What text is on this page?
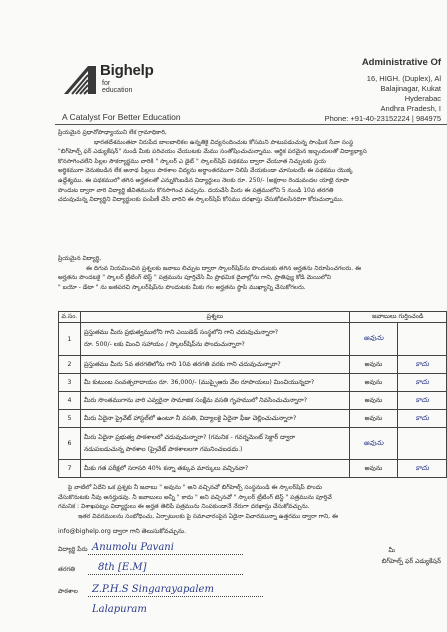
Bighelp
for education
A Catalyst For Better Education
Administrative Of
16, HIGH. (Duplex), Al
Balajinagar, Kukat
Hyderabac
Andhra Pradesh, I
Phone: +91-40-23152224 | 984975
ప్రియమైన ప్రధానోపాధ్యాయుని లేక గ్రామాధికారి,
భారతదేశమంతటా నిరుపేద బాలబాలికల ఉన్నతికై విద్యనందించుట కోసమని పాటుపడుచున్న సాంఘిక సేవా సంస్థ
"బిగ్‌హెల్ప్ ఫర్ ఎడ్యుకేషన్" నుండి మీకు పరిచయం చేయుటకు మేము సంతోషించుచున్నాము. ఆర్థిక పరమైన ఇబ్బందులతో విద్యాభ్యాస
కొనసాగించలేని పిల్లల సౌకర్యార్థము వారికి " స్కాలర్ ఎ డైట్ " స్కాలర్‌షిప్ పథకము ద్వారా చేయూత నిచ్చుటకు ప్రయ
అర్థికముగా వెనుకబడిన లేక అనాథ పిల్లలు పాఠశాల విద్యను అర్థాంతరముగా నిలిపి వేయకుండా చూసుటయే ఈ పథకము యొక్క
ఉద్దేశ్యము. ఈ పథకములో తగిన అర్హతలతో ఎన్నుకొంబడిన విద్యార్థులు నెలకు రూ. 250/- (అక్షరాల రెండువందల యాభై రూపా
పొందుట ద్వారా వారి విద్యార్థి జీవితమును కొనసాగించ వచ్చును. దయచేసి మీరు ఈ పత్రములోని 5 నుండి 10వ తరగతి
చదువుచున్న విద్యార్థిని విద్యార్థులకు పంపిణీ చేసి వారిని ఈ స్కాలర్‌షిప్ కోసము దరఖాస్తు చేసుకోవలసినదిగా కోరుచున్నాము.
ప్రియమైన విద్యార్థి,
ఈ దిగువ నియమించిన ప్రశ్నలకు జవాబు లిచ్చుట ద్వారా స్కాలర్‌షిప్‌ను పొందుటకు తగిన అర్హతను నిరూపించగలరు. ఈ
అర్హతను పొందటకై " స్కాలర్ ట్రీటింగ్ టెస్ట్ " పత్రమును పూర్తిచేసి మీ ప్రాథమిక దైవాల్లోను గాని, ప్రాతిఫ్యు కోడి మెయిలోని
" బయో - డేటా " ను జతపరచి స్కాలర్‌షిప్‌ను పొందుటకు మీకు గల అర్హతను స్థాపి ముఖ్యాన్ని చేసుకోగలరు.
వ.సం.	ప్రశ్నలు	జవాబులు గుర్తించండి	
1	ప్రస్తుతము మీరు ప్రభుత్వములోని గాని ఎయిడెడ్ సంస్థలోని గాని చదువుచున్నారా?
రూ. 500/- లకు మించి సహాయం / స్కాలర్‌షిప్‌ను పొందుచున్నారా?	అవును	
2	ప్రస్తుతము మీరు 5వ తరగతిలోను గాని 10వ తరగతి వరకు గాని చదువుచున్నారా?	అవును	కాదు
3	మీ కుటుంబ సంవత్సరాదాయం రూ. 36,000/- (ముప్పైఆరు వేల రూపాయలు) మించియున్నదా?	అవును	కాదు
4	మీరు సొంతముగాను వారి ఎవ్వరైనా సామాజిక సంక్షేమ వసతి గృహములో నివసించుచున్నారా?	అవును	కాదు
5	మీరు ఏదైనా ప్రైవేట్ హాస్టల్‌లో ఉంటూ నీ వసతి, విద్యాలకై ఏదైనా ఫీజు చెల్లించుచున్నారా?	అవును	కాదు
6	మీరు ఏదైనా ప్రభుత్వ పాఠశాలలో చదువుచున్నారా? (గమనిక - గవర్నమెంట్ సెక్టార్ ద్వారా
నడుపబడుచున్న పాఠశాల (ప్రైవేట్ పాఠశాలలగా గమనించబడదు.)	అవును	
7	మీకు గత పరీక్షలో సరాసరి 40% కన్నా తక్కువ మార్కులు వచ్చినవా?	అవును	కాదు
పై వాటిలో ఏదేని ఒక ప్రశ్నకు నీ జవాబు " అవును " అని వచ్చినచో బిగ్‌హెల్ప్ సంస్థనుండి ఈ స్కాలర్‌షిప్ పొందు
చేసుకొనుటకు నీవు అనర్హుడవు. నీ జవాబులు అన్నీ " కాదు " అని వచ్చినచో " స్కాలర్ ట్రీటింగ్ టెస్ట్ " పత్రమును పూర్తిచే
గమనిక : విశాఖపట్నం విద్యార్థులు ఈ అర్హత తెలిపే పత్రమును నింపకుండానే నేరుగా దరఖాస్తు చేసుకోవచ్చును.
ఇతర వివరములను సంబోధించు, ఏర్పాటులకు పై సమాచారంపైన ఏదైనా విచారమున్నా ఉత్తరము ద్వారా గాని, ఈ
info@bighelp.org ద్వారా గాని తెలుసుకోవచ్చును.
విద్యార్థి పేరు Anumolu Pavani
తరగతి 8th [E.M]
పాఠశాల Z.P.H.S Singarayapalem
Lalapuram
మీ
బిగ్‌హెల్ప్ ఫర్ ఎడ్యుకేషన్
